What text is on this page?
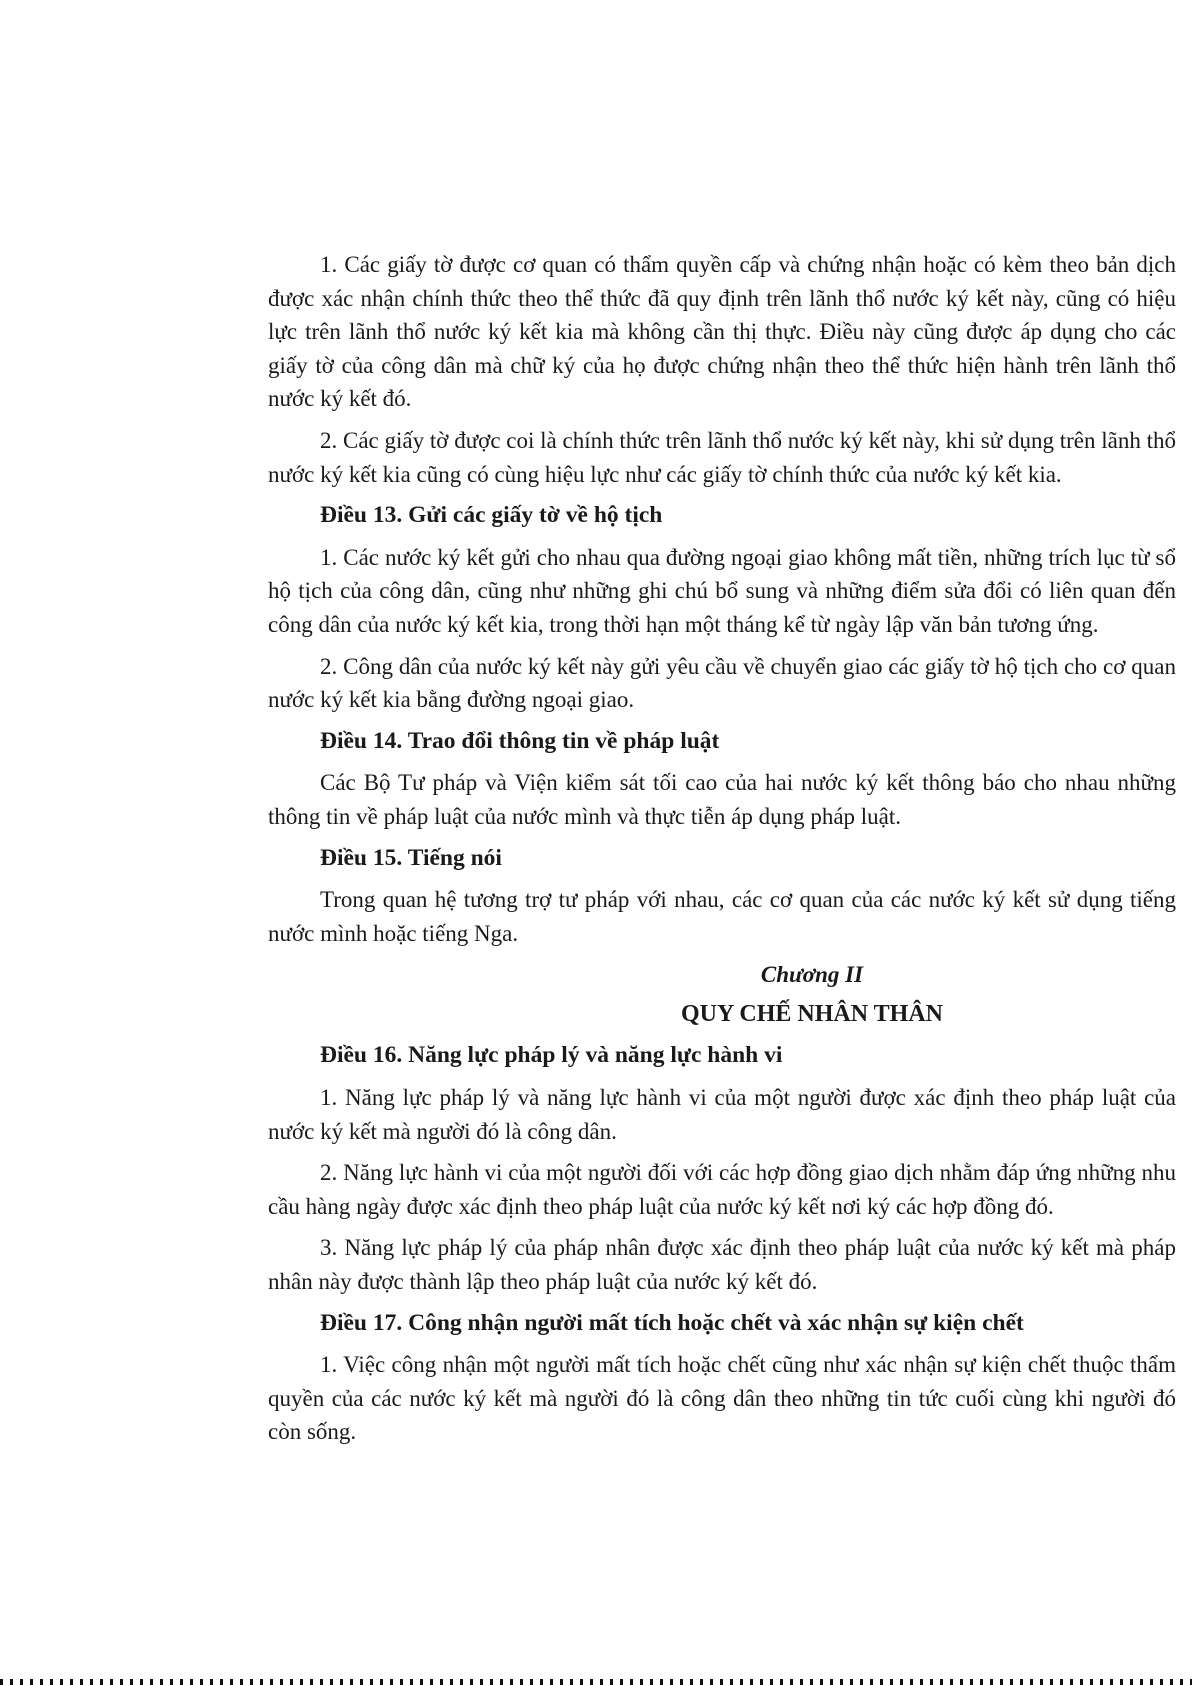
1. Các giấy tờ được cơ quan có thẩm quyền cấp và chứng nhận hoặc có kèm theo bản dịch được xác nhận chính thức theo thể thức đã quy định trên lãnh thổ nước ký kết này, cũng có hiệu lực trên lãnh thổ nước ký kết kia mà không cần thị thực. Điều này cũng được áp dụng cho các giấy tờ của công dân mà chữ ký của họ được chứng nhận theo thể thức hiện hành trên lãnh thổ nước ký kết đó.

2. Các giấy tờ được coi là chính thức trên lãnh thổ nước ký kết này, khi sử dụng trên lãnh thổ nước ký kết kia cũng có cùng hiệu lực như các giấy tờ chính thức của nước ký kết kia.

Điều 13. Gửi các giấy tờ về hộ tịch

1. Các nước ký kết gửi cho nhau qua đường ngoại giao không mất tiền, những trích lục từ sổ hộ tịch của công dân, cũng như những ghi chú bổ sung và những điểm sửa đổi có liên quan đến công dân của nước ký kết kia, trong thời hạn một tháng kể từ ngày lập văn bản tương ứng.

2. Công dân của nước ký kết này gửi yêu cầu về chuyển giao các giấy tờ hộ tịch cho cơ quan nước ký kết kia bằng đường ngoại giao.

Điều 14. Trao đổi thông tin về pháp luật

Các Bộ Tư pháp và Viện kiểm sát tối cao của hai nước ký kết thông báo cho nhau những thông tin về pháp luật của nước mình và thực tiễn áp dụng pháp luật.

Điều 15. Tiếng nói

Trong quan hệ tương trợ tư pháp với nhau, các cơ quan của các nước ký kết sử dụng tiếng nước mình hoặc tiếng Nga.

Chương II

QUY CHẾ NHÂN THÂN

Điều 16. Năng lực pháp lý và năng lực hành vi

1. Năng lực pháp lý và năng lực hành vi của một người được xác định theo pháp luật của nước ký kết mà người đó là công dân.

2. Năng lực hành vi của một người đối với các hợp đồng giao dịch nhằm đáp ứng những nhu cầu hàng ngày được xác định theo pháp luật của nước ký kết nơi ký các hợp đồng đó.

3. Năng lực pháp lý của pháp nhân được xác định theo pháp luật của nước ký kết mà pháp nhân này được thành lập theo pháp luật của nước ký kết đó.

Điều 17. Công nhận người mất tích hoặc chết và xác nhận sự kiện chết

1. Việc công nhận một người mất tích hoặc chết cũng như xác nhận sự kiện chết thuộc thẩm quyền của các nước ký kết mà người đó là công dân theo những tin tức cuối cùng khi người đó còn sống.
